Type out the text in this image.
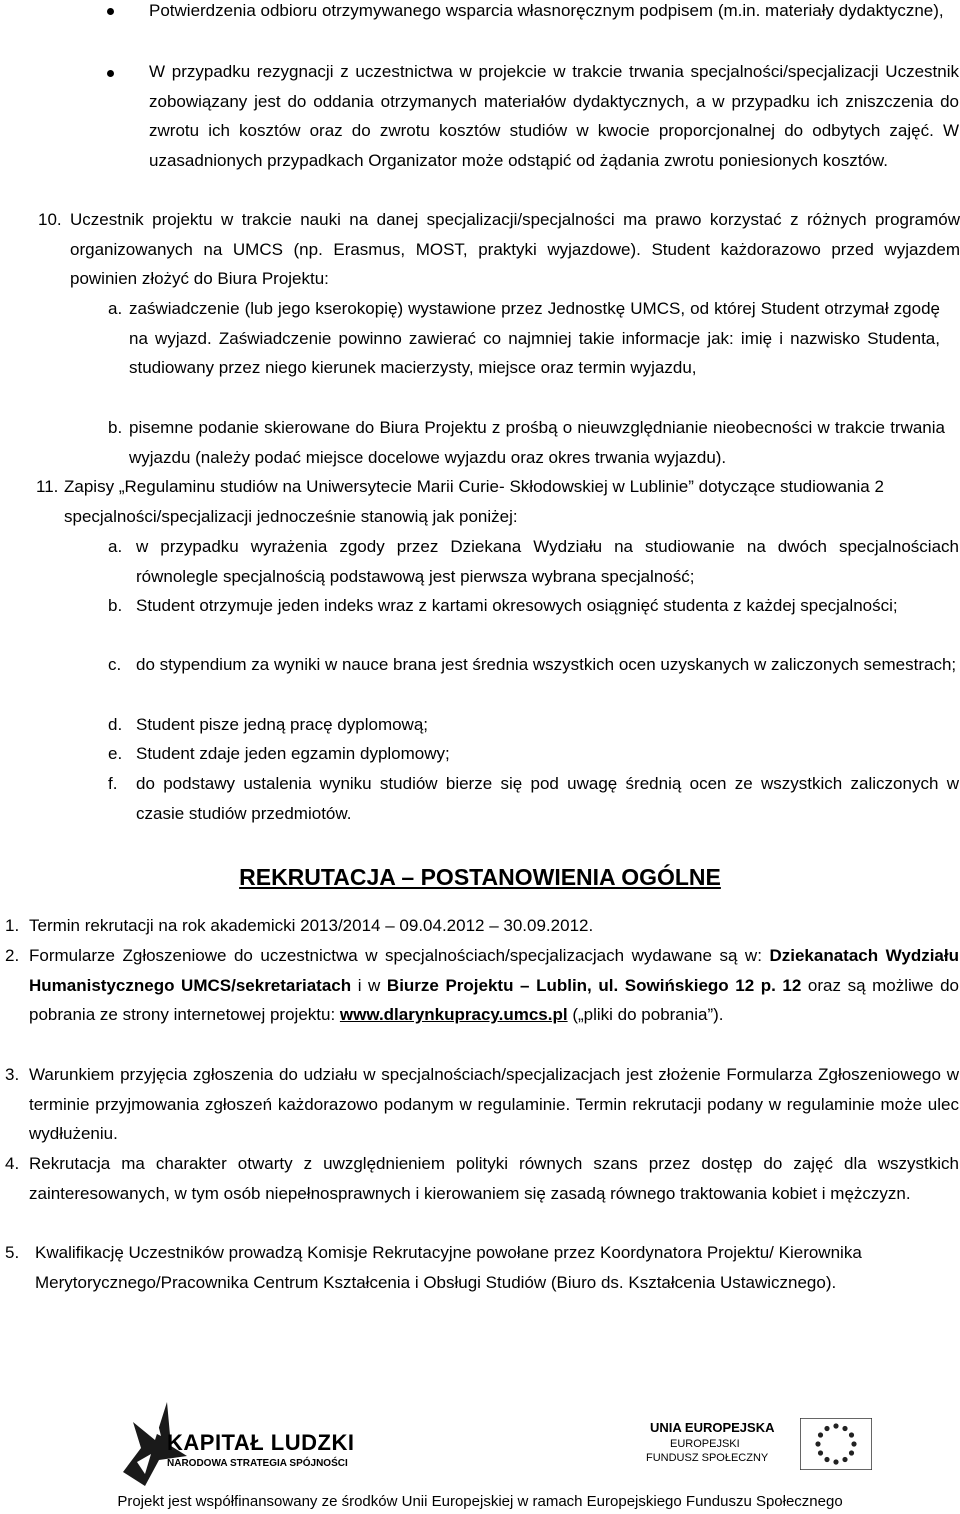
Potwierdzenia odbioru otrzymywanego wsparcia własnoręcznym podpisem (m.in. materiały dydaktyczne),
W przypadku rezygnacji z uczestnictwa w projekcie w trakcie trwania specjalności/specjalizacji Uczestnik zobowiązany jest do oddania otrzymanych materiałów dydaktycznych, a w przypadku ich zniszczenia do zwrotu ich kosztów oraz do zwrotu kosztów studiów w kwocie proporcjonalnej do odbytych zajęć. W uzasadnionych przypadkach Organizator może odstąpić od żądania zwrotu poniesionych kosztów.
10. Uczestnik projektu w trakcie nauki na danej specjalizacji/specjalności ma prawo korzystać z różnych programów organizowanych na UMCS (np. Erasmus, MOST, praktyki wyjazdowe). Student każdorazowo przed wyjazdem powinien złożyć do Biura Projektu:
a. zaświadczenie (lub jego kserokopię) wystawione przez Jednostkę UMCS, od której Student otrzymał zgodę na wyjazd. Zaświadczenie powinno zawierać co najmniej takie informacje jak: imię i nazwisko Studenta, studiowany przez niego kierunek macierzysty, miejsce oraz termin wyjazdu,
b. pisemne podanie skierowane do Biura Projektu z prośbą o nieuwzględnianie nieobecności w trakcie trwania wyjazdu (należy podać miejsce docelowe wyjazdu oraz okres trwania wyjazdu).
11. Zapisy „Regulaminu studiów na Uniwersytecie Marii Curie- Skłodowskiej w Lublinie” dotyczące studiowania 2 specjalności/specjalizacji jednocześnie stanowią jak poniżej:
a. w przypadku wyrażenia zgody przez Dziekana Wydziału na studiowanie na dwóch specjalnościach równolegle specjalnością podstawową jest pierwsza wybrana specjalność;
b. Student otrzymuje jeden indeks wraz z kartami okresowych osiągnięć studenta z każdej specjalności;
c. do stypendium za wyniki w nauce brana jest średnia wszystkich ocen uzyskanych w zaliczonych semestrach;
d. Student pisze jedną pracę dyplomową;
e. Student zdaje jeden egzamin dyplomowy;
f. do podstawy ustalenia wyniku studiów bierze się pod uwagę średnią ocen ze wszystkich zaliczonych w czasie studiów przedmiotów.
REKRUTACJA – POSTANOWIENIA OGÓLNE
1. Termin rekrutacji na rok akademicki 2013/2014 – 09.04.2012 – 30.09.2012.
2. Formularze Zgłoszeniowe do uczestnictwa w specjalnościach/specjalizacjach wydawane są w: Dziekanatach Wydziału Humanistycznego UMCS/sekretariatach i w Biurze Projektu – Lublin, ul. Sowińskiego 12 p. 12 oraz są możliwe do pobrania ze strony internetowej projektu: www.dlarynkupracy.umcs.pl („pliki do pobrania”).
3. Warunkiem przyjęcia zgłoszenia do udziału w specjalnościach/specjalizacjach jest złożenie Formularza Zgłoszeniowego w terminie przyjmowania zgłoszeń każdorazowo podanym w regulaminie. Termin rekrutacji podany w regulaminie może ulec wydłużeniu.
4. Rekrutacja ma charakter otwarty z uwzględnieniem polityki równych szans przez dostęp do zajęć dla wszystkich zainteresowanych, w tym osób niepełnosprawnych i kierowaniem się zasadą równego traktowania kobiet i mężczyzn.
5. Kwalifikację Uczestników prowadzą Komisje Rekrutacyjne powołane przez Koordynatora Projektu/ Kierownika Merytorycznego/Pracownika Centrum Kształcenia i Obsługi Studiów (Biuro ds. Kształcenia Ustawicznego).
KAPITAŁ LUDZKI
NARODOWA STRATEGIA SPÓJNOŚCI
UNIA EUROPEJSKA
EUROPEJSKI
FUNDUSZ SPOŁECZNY
Projekt jest współfinansowany ze środków Unii Europejskiej w ramach Europejskiego Funduszu Społecznego
